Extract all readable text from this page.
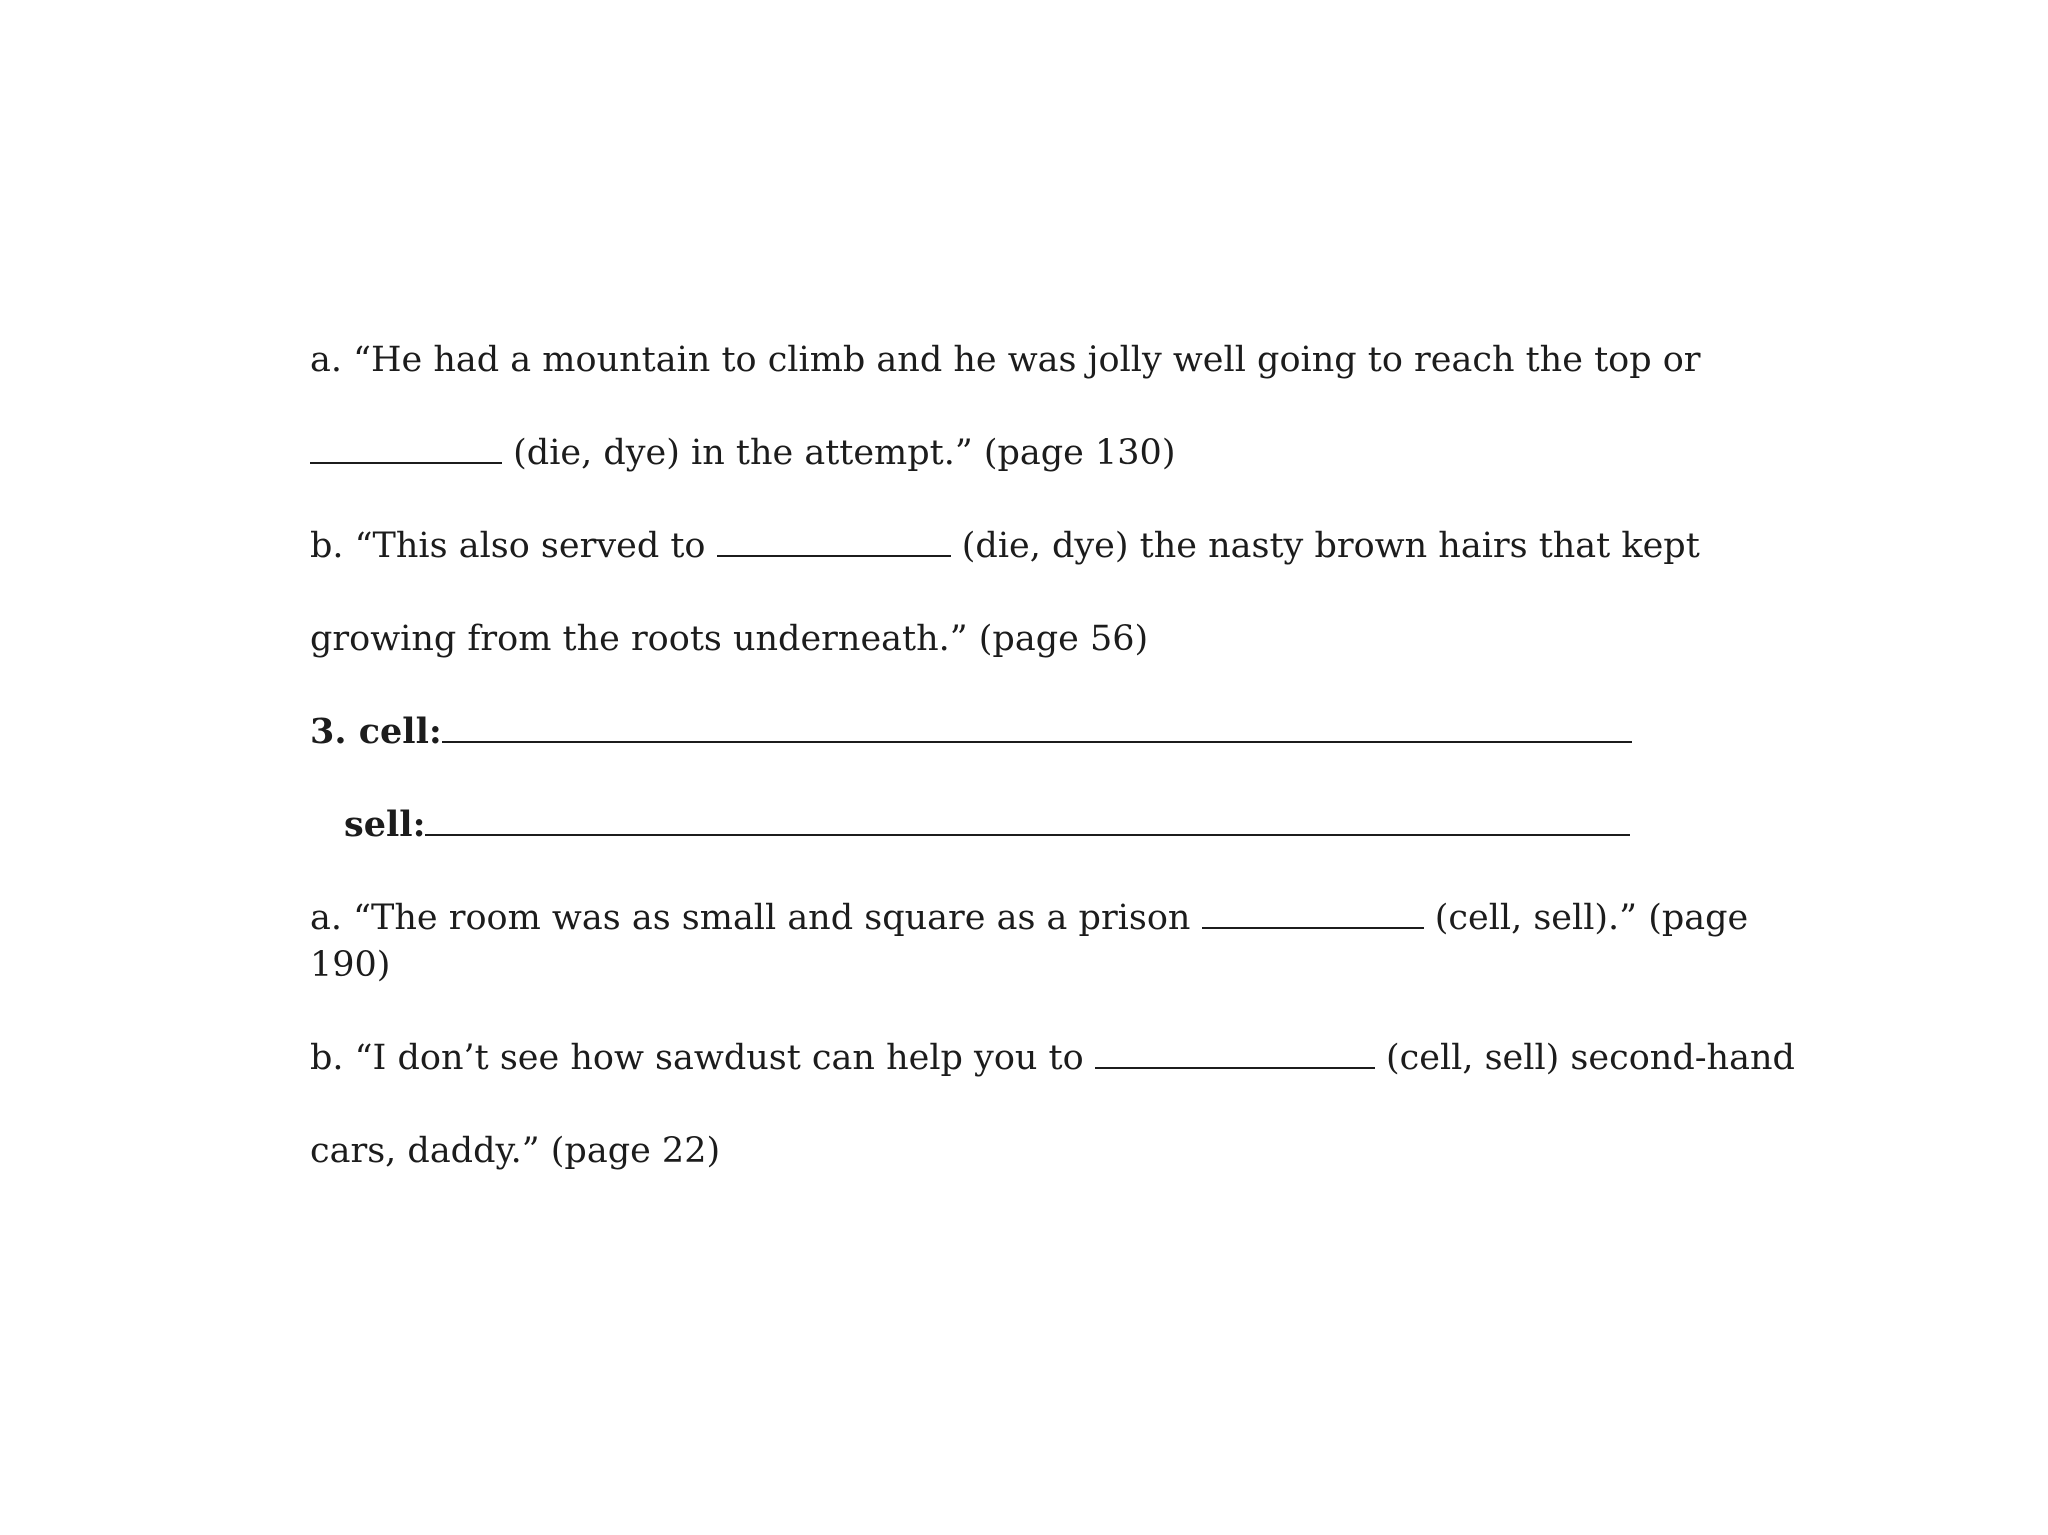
a. “He had a mountain to climb and he was jolly well going to reach the top or
(die, dye) in the attempt.” (page 130)
b. “This also served to	(die, dye) the nasty brown hairs that kept
growing from the roots underneath.” (page 56)
3. cell:
sell:
a. “The room was as small and square as a prison	(cell, sell).” (page
190)
b. “I don’t see how sawdust can help you to	(cell, sell) second-hand
cars, daddy.” (page 22)
